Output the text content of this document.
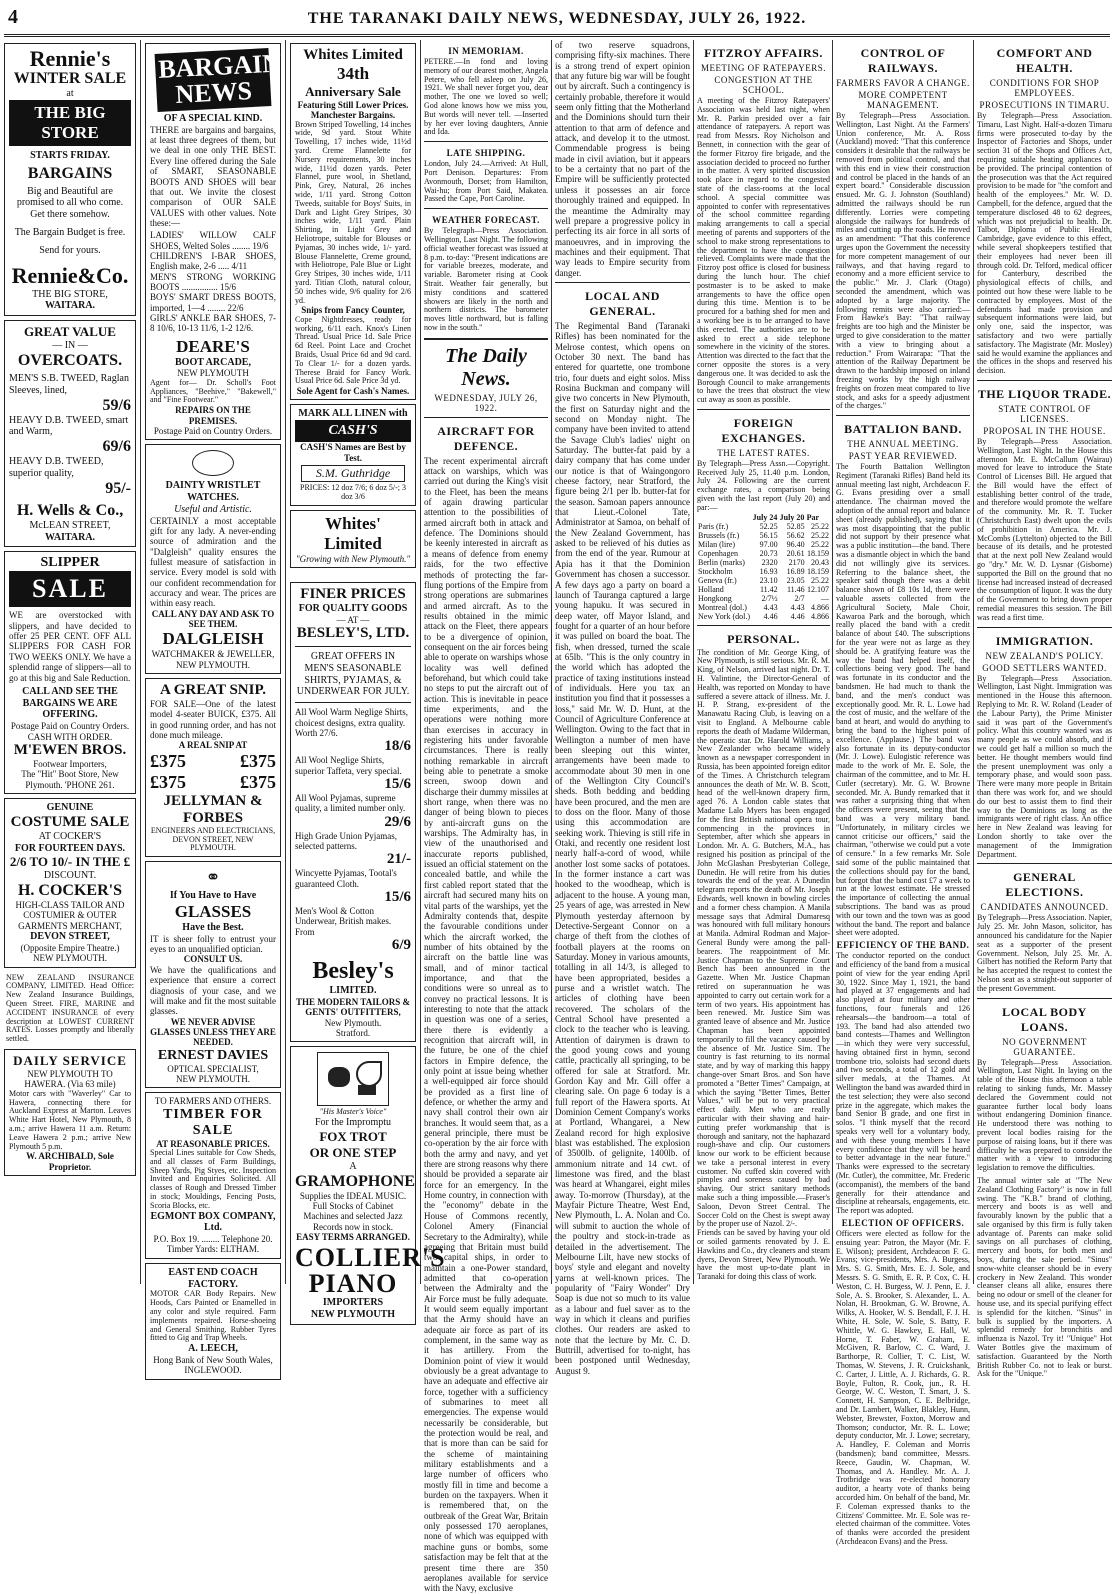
4	THE TARANAKI DAILY NEWS, WEDNESDAY, JULY 26, 1922.
Rennie's
WINTER SALE
at
THE BIG STORE
STARTS FRIDAY.
BARGAINS
Big and Beautiful are promised to all who come. Get there somehow.
The Bargain Budget is free.
Send for yours.
Rennie&Co.
THE BIG STORE,
WAITARA.
GREAT VALUE
— IN —
OVERCOATS.
MEN'S S.B. TWEED, Raglan Sleeves, lined,
59/6
HEAVY D.B. TWEED, smart and Warm,
69/6
HEAVY D.B. TWEED, superior quality,
95/-
H. Wells & Co.,
McLEAN STREET,
WAITARA.
SLIPPER
SALE
WE are overstocked with slippers, and have decided to offer 25 PER CENT. OFF ALL SLIPPERS FOR CASH FOR TWO WEEKS ONLY. We have a splendid range of slippers—all to go at this big and Sale Reduction.
CALL AND SEE THE BARGAINS WE ARE OFFERING.
Postage Paid on Country Orders.
CASH WITH ORDER.
M'EWEN BROS.
Footwear Importers,
The "Hit" Boot Store, New Plymouth. 'PHONE 261.
GENUINE
COSTUME SALE
AT COCKER'S
FOR FOURTEEN DAYS.
2/6 TO 10/- IN THE £
DISCOUNT.
H. COCKER'S
HIGH-CLASS TAILOR AND COSTUMIER & OUTER GARMENTS MERCHANT,
DEVON STREET,
(Opposite Empire Theatre.)
NEW PLYMOUTH.
NEW ZEALAND INSURANCE COMPANY, LIMITED. Head Office: New Zealand Insurance Buildings, Queen Street. FIRE, MARINE and ACCIDENT INSURANCE of every description at LOWEST CURRENT RATES. Losses promptly and liberally settled.
DAILY SERVICE
NEW PLYMOUTH TO HAWERA. (Via 63 mile)
Motor cars with "Waverley" Car to Hawera, connecting there for Auckland Express at Marton. Leaves White Hart Hotel, New Plymouth, 8 a.m.; arrive Hawera 11 a.m. Return: Leave Hawera 2 p.m.; arrive New Plymouth 5 p.m.
W. ARCHIBALD, Sole Proprietor.
BARGAIN NEWS
OF A SPECIAL KIND.
THERE are bargains and bargains, at least three degrees of them, but we deal in one only THE BEST. Every line offered during the Sale of SMART, SEASONABLE BOOTS AND SHOES will bear that out. We invite the closest comparison of OUR SALE VALUES with other values. Note these:—
LADIES' WILLOW CALF SHOES, Welted Soles ........ 19/6
CHILDREN'S I-BAR SHOES, English make, 2-6 ..... 4/11
MEN'S STRONG WORKING BOOTS ................ 15/6
BOYS' SMART DRESS BOOTS, imported, 1—4 ........ 22/6
GIRLS' ANKLE BAR SHOES, 7-8 10/6, 10-13 11/6, 1-2 12/6.
DEARE'S
BOOT ARCADE,
NEW PLYMOUTH
Agent for— Dr. Scholl's Foot Appliances, "Beehive," "Bakewell," and "Fine Footwear."
REPAIRS ON THE PREMISES.
Postage Paid on Country Orders.
DAINTY WRISTLET WATCHES.
Useful and Artistic.
CERTAINLY a most acceptable gift for any lady. A never-ending source of admiration and the "Dalgleish" quality ensures the fullest measure of satisfaction in service. Every model is sold with our confident recommendation for accuracy and wear. The prices are within easy reach.
CALL ANY DAY AND ASK TO SEE THEM.
DALGLEISH
WATCHMAKER & JEWELLER, NEW PLYMOUTH.
A GREAT SNIP.
FOR SALE—One of the latest model 4-seater BUICK, £375. All in good running order, and has not done much mileage.
A REAL SNIP AT
£375	£375
£375	£375
JELLYMAN & FORBES
ENGINEERS AND ELECTRICIANS, DEVON STREET, NEW PLYMOUTH.
⚭
If You Have to Have
GLASSES
Have the Best.
IT is sheer folly to entrust your eyes to an unqualified optician.
CONSULT US.
We have the qualifications and experience that ensure a correct diagnosis of your case, and we will make and fit the most suitable glasses.
WE NEVER ADVISE GLASSES UNLESS THEY ARE NEEDED.
ERNEST DAVIES
OPTICAL SPECIALIST,
NEW PLYMOUTH.
TO FARMERS AND OTHERS.
TIMBER FOR SALE
AT REASONABLE PRICES.
Special Lines suitable for Cow Sheds, and all classes of Farm Buildings, Sheep Yards, Pig Styes, etc. Inspection Invited and Enquiries Solicited. All classes of Rough and Dressed Timber in stock; Mouldings, Fencing Posts, Scoria Blocks, etc.
EGMONT BOX COMPANY, Ltd.
P.O. Box 19. ........ Telephone 20.
Timber Yards: ELTHAM.
EAST END COACH FACTORY.
MOTOR CAR Body Repairs. New Hoods, Cars Painted or Enamelled in any color and style required. Farm implements repaired. Horse-shoeing and General Smithing. Rubber Tyres fitted to Gig and Trap Wheels.
A. LEECH,
Hong Bank of New South Wales, INGLEWOOD.
Whites Limited
34th
Anniversary Sale
Featuring Still Lower Prices. Manchester Bargains.
Brown Striped Towelling, 14 inches wide, 9d yard. Stout White Towelling, 17 inches wide, 11½d yard. Creme Flannelette for Nursery requirements, 30 inches wide, 11½d dozen yards. Peter Flannel, pure wool, in Shetland, Pink, Grey, Natural, 26 inches wide, 1/11 yard. Strong Cotton Tweeds, suitable for Boys' Suits, in Dark and Light Grey Stripes, 30 inches wide, 1/11 yard. Plain Shirting, in Light Grey and Heliotrope, suitable for Blouses or Pyjamas, 30 inches wide, 1/- yard. Blouse Flannelette, Creme ground, with Heliotrope, Pale Blue or Light Grey Stripes, 30 inches wide, 1/11 yard. Titian Cloth, natural colour, 50 inches wide, 9/6 quality for 2/6 yd.
Snips from Fancy Counter,
Cope Nightdresses, ready for working, 6/11 each. Knox's Linen Thread. Usual Price 1d. Sale Price 6d Reel. Point Lace and Crochet Braids, Usual Price 6d and 9d card. To Clear 1/- for a dozen yards. Therese Braid for Fancy Work. Usual Price 6d. Sale Price 3d yd.
Sole Agent for Cash's Names.
MARK ALL LINEN with
CASH'S
CASH'S Names are Best by Test.
S.M. Guthridge
PRICES: 12 doz 7/6; 6 doz 5/-; 3 doz 3/6
Whites' Limited
"Growing with New Plymouth."
FINER PRICES
FOR QUALITY GOODS
— AT —
BESLEY'S, LTD.
GREAT OFFERS IN MEN'S SEASONABLE SHIRTS, PYJAMAS, & UNDERWEAR FOR JULY.
All Wool Warm Neglige Shirts, choicest designs, extra quality. Worth 27/6.
18/6
All Wool Neglige Shirts, superior Taffeta, very special.
15/6
All Wool Pyjamas, supreme quality, a limited number only.
29/6
High Grade Union Pyjamas, selected patterns.
21/-
Wincyette Pyjamas, Tootal's guaranteed Cloth.
15/6
Men's Wool & Cotton Underwear, British makes. From
6/9
Besley's
LIMITED.
THE MODERN TAILORS & GENTS' OUTFITTERS,
New Plymouth.
Stratford.
"His Master's Voice"
For the Impromptu
FOX TROT
OR ONE STEP
A
GRAMOPHONE
Supplies the IDEAL MUSIC.
Full Stocks of Cabinet Machines and selected Jazz Records now in stock.
EASY TERMS ARRANGED.
COLLIER'S
PIANO
IMPORTERS
NEW PLYMOUTH
IN MEMORIAM.
PETERE.—In fond and loving memory of our dearest mother, Angela Petere, who fell asleep on July 26, 1921. We shall never forget you, dear mother, The one we loved so well; God alone knows how we miss you, But words will never tell. —Inserted by her ever loving daughters, Annie and Ida.
LATE SHIPPING.
London, July 24.—Arrived: At Hull, Port Denison. Departures: From Avonmouth, Dorset; from Hamilton, Wai-hu; from Port Said, Makatea. Passed the Cape, Port Caroline.
WEATHER FORECAST.
By Telegraph—Press Association. Wellington, Last Night. The following official weather forecast was issued at 8 p.m. to-day: "Present indications are for variable breezes, moderate, and variable. Barometer rising at Cook Strait. Weather fair generally, but misty conditions and scattered showers are likely in the north and northern districts. The barometer moves little northward, but is falling now in the south."
The Daily News.
WEDNESDAY, JULY 26, 1922.
AIRCRAFT FOR DEFENCE.
The recent experimental aircraft attack on warships, which was carried out during the King's visit to the Fleet, has been the means of again drawing particular attention to the possibilities of armed aircraft both in attack and defence. The Dominions should be keenly interested in aircraft as a means of defence from enemy raids, for the two effective methods of protecting the far-flung portions of the Empire from strong operations are submarines and armed aircraft. As to the results obtained in the mimic attack on the Fleet, there appears to be a divergence of opinion, consequent on the air forces being able to operate on warships whose locality was well defined beforehand, but which could take no steps to put the aircraft out of action. This is inevitable in peace time experiments, and the operations were nothing more than exercises in accuracy in registering hits under favorable circumstances. There is really nothing remarkable in aircraft being able to penetrate a smoke screen, swoop down and discharge their dummy missiles at short range, when there was no danger of being blown to pieces by anti-aircraft guns on the warships. The Admiralty has, in view of the unauthorised and inaccurate reports published, issued an official statement on the concealed battle, and while the first cabled report stated that the aircraft had secured many hits on vital parts of the warships, yet the Admiralty contends that, despite the favourable conditions under which the aircraft worked, the number of hits obtained by the aircraft on the battle line was small, and of minor tactical importance, and that the conditions were so unreal as to convey no practical lessons. It is interesting to note that the attack in question was one of a series, there there is evidently a recognition that aircraft will, in the future, be one of the chief factors in Empire defence, the only point at issue being whether a well-equipped air force should be provided as a first line of defence, or whether the army and navy shall control their own air branches. It would seem that, as a general principle, there must be co-operation by the air force with both the army and navy, and yet there are strong reasons why there should be provided a separate air force for an emergency. In the Home country, in connection with the "economy" debate in the House of Commons recently, Colonel Amery (Financial Secretary to the Admiralty), while agreeing that Britain must build two capital ships, in order to maintain a one-Power standard, admitted that co-operation between the Admiralty and the Air Force must be fully adequate. It would seem equally important that the Army should have an adequate air force as part of its complement, in the same way as it has artillery. From the Dominion point of view it would obviously be a great advantage to have an adequate and effective air force, together with a sufficiency of submarines to meet all emergencies. The expense would necessarily be considerable, but the protection would be real, and that is more than can be said for the scheme of maintaining military establishments and a large number of officers who mostly fill in time and become a burden on the taxpayers. When it is remembered that, on the outbreak of the Great War, Britain only possessed 170 aeroplanes, none of which was equipped with machine guns or bombs, some satisfaction may be felt that at the present time there are 350 aeroplanes available for service with the Navy, exclusive
of two reserve squadrons, comprising fifty-six machines. There is a strong trend of expert opinion that any future big war will be fought out by aircraft. Such a contingency is certainly probable, therefore it would seem only fitting that the Motherland and the Dominions should turn their attention to that arm of defence and attack, and develop it to the utmost. Commendable progress is being made in civil aviation, but it appears to be a certainty that no part of the Empire will be sufficiently protected unless it possesses an air force thoroughly trained and equipped. In the meantime the Admiralty may well prepare a progressive policy in perfecting its air force in all sorts of manoeuvres, and in improving the machines and their equipment. That way leads to Empire security from danger.
LOCAL AND GENERAL.
The Regimental Band (Taranaki Rifles) has been nominated for the Melrose contest, which opens on October 30 next. The band has entered for quartette, one trombone trio, four duets and eight solos. Miss Rosina Buckman and company will give two concerts in New Plymouth, the first on Saturday night and the second on Monday night. The company have been invited to attend the Savage Club's ladies' night on Saturday. The butter-fat paid by a dairy company that has come under our notice is that of Waingongoro cheese factory, near Stratford, the figure being 2/1 per lb. butter-fat for the season. Samoan papers announce that Lieut.-Colonel Tate, Administrator at Samoa, on behalf of the New Zealand Government, has asked to be relieved of his duties as from the end of the year. Rumour at Apia has it that the Dominion Government has chosen a successor. A few days ago a party on board a launch of Tauranga captured a large young hapuku. It was secured in deep water, off Mayor Island, and fought for a quarter of an hour before it was pulled on board the boat. The fish, when dressed, turned the scale at 65lb. "This is the only country in the world which has adopted the practice of taxing institutions instead of individuals. Here you tax an institution you find that it possesses a loss," said Mr. W. D. Hunt, at the Council of Agriculture Conference at Wellington. Owing to the fact that in Wellington a number of men have been sleeping out this winter, arrangements have been made to accommodate about 30 men in one of the Wellington City Council's sheds. Both bedding and bedding have been procured, and the men are to doss on the floor. Many of those using this accommodation are seeking work. Thieving is still rife in Otaki, and recently one resident lost nearly half-a-cord of wood, while another lost some sacks of potatoes. In the former instance a cart was hooked to the woodheap, which is adjacent to the house. A young man, 25 years of age, was arrested in New Plymouth yesterday afternoon by Detective-Sergeant Connor on a charge of theft from the clothes of football players at the rooms on Saturday. Money in various amounts, totalling in all 14/3, is alleged to have been appropriated, besides a purse and a wristlet watch. The articles of clothing have been recovered. The scholars of the Central School have presented a clock to the teacher who is leaving. Attention of dairymen is drawn to the good young cows and young cattle, practically all springing, to be offered for sale at Stratford. Mr. Gordon Kay and Mr. Gill offer a clearing sale. On page 6 today is a full report of the Hawera sports. At Dominion Cement Company's works at Portland, Whangarei, a New Zealand record for high explosive blast was established. The explosion of 3500lb. of gelignite, 1400lb. of ammonium nitrate and 14 cwt. of limestone was fired, and the blast was heard at Whangarei, eight miles away. To-morrow (Thursday), at the Mayfair Picture Theatre, West End, New Plymouth, L. A. Nolan and Co. will submit to auction the whole of the poultry and stock-in-trade as detailed in the advertisement. The Melbourne Lilt, have new stocks of boys' style and elegant and novelty yarns at well-known prices. The popularity of "Fairy Wonder" Dry Soap is due not so much to its value as a labour and fuel saver as to the way in which it cleans and purifies clothes. Our readers are asked to note that the lecture by Mr. C. D. Buttrill, advertised for to-night, has been postponed until Wednesday, August 9.
FITZROY AFFAIRS.
MEETING OF RATEPAYERS.
CONGESTION AT THE SCHOOL.
A meeting of the Fitzroy Ratepayers' Association was held last night, when Mr. R. Parkin presided over a fair attendance of ratepayers. A report was read from Messrs. Roy Nicholson and Bennett, in connection with the gear of the former Fitzroy fire brigade, and the association decided to proceed no further in the matter. A very spirited discussion took place in regard to the congested state of the class-rooms at the local school. A special committee was appointed to confer with representatives of the school committee regarding making arrangements to call a special meeting of parents and supporters of the school to make strong representations to the department to have the congestion relieved. Complaints were made that the Fitzroy post office is closed for business during the lunch hour. The chief postmaster is to be asked to make arrangements to have the office open during this time. Mention is to be procured for a bathing shed for men and a working bee is to be arranged to have this erected. The authorities are to be asked to erect a side telephone somewhere in the vicinity of the stores. Attention was directed to the fact that the corner opposite the stores is a very dangerous one. It was decided to ask the Borough Council to make arrangements to have the trees that obstruct the view cut away as soon as possible.
FOREIGN EXCHANGES.
THE LATEST RATES.
By Telegraph—Press Assn.—Copyright. Received July 25, 11.40 p.m. London, July 24. Following are the current exchange rates, a comparison being given with the last report (July 20) and par:—
	July 24	July 20	Par
Paris (fr.)	52.25	52.85	25.22
Brussels (fr.)	56.15	56.62	25.22
Milan (lire)	97.00	96.40	25.22
Copenhagen	20.73	20.61	18.159
Berlin (marks)	2320	2170	20.43
Stockholm	16.93	16.89	18.159
Geneva (fr.)	23.10	23.05	25.22
Holland	11.42	11.46	12.107
Hongkong	2/7½	2/7	—
Montreal (dol.)	4.43	4.43	4.866
New York (dol.)	4.46	4.46	4.866
PERSONAL.
The condition of Mr. George King, of New Plymouth, is still serious. Mr. R. M. King, of Nelson, arrived last night. Dr. T. H. Valintine, the Director-General of Health, was reported on Monday to have suffered a severe attack of illness. Mr. J. H. P. Strang, ex-president of the Manawatu Racing Club, is leaving on a visit to England. A Melbourne cable reports the death of Madame Wilderman, the operatic star. Dr. Harold Williams, a New Zealander who became widely known as a newspaper correspondent in Russia, has been appointed foreign editor of the Times. A Christchurch telegram announces the death of Mr. W. B. Scott, head of the well-known drapery firm, aged 76. A London cable states that Madame Lalo Myers has been engaged for the first British national opera tour, commencing in the provinces in September, after which she appears in London. Mr. A. G. Butchers, M.A., has resigned his position as principal of the John McGlashan Presbyterian College, Dunedin. He will retire from his duties towards the end of the year. A Dunedin telegram reports the death of Mr. Joseph Edwards, well known in bowling circles and a former chess champion. A Manila message says that Admiral Dumaresq was honoured with full military honours at Manila. Admiral Rodman and Major-General Bundy were among the pall-bearers. The reappointment of Mr. Justice Chapman to the Supreme Court Bench has been announced in the Gazette. When Mr. Justice Chapman retired on superannuation he was appointed to carry out certain work for a term of two years. His appointment has been renewed. Mr. Justice Sim was granted leave of absence and Mr. Justice Chapman has been appointed temporarily to fill the vacancy caused by the absence of Mr. Justice Sim. The country is fast returning to its normal state, and by way of marking this happy change-over Smart Bros. and Son have promoted a "Better Times" Campaign, at which the saying "Better Times, Better Values," will be put to very practical effect daily. Men who are really particular with their shaving and hair-cutting prefer workmanship that is thorough and sanitary, not the haphazard rough-shave and clip. Our customers know our work to be efficient because we take a personal interest in every customer. No cuffed skin covered with pimples and soreness caused by bad shaving. Our strict sanitary methods make such a thing impossible.—Fraser's Saloon, Devon Street Central. The Soccer Cold on the Chest is swept away by the proper use of Nazol. 2/-.
Friends can be saved by having your old or soiled garments renovated by J. E. Hawkins and Co., dry cleaners and steam dyers, Devon Street, New Plymouth. We have the most up-to-date plant in Taranaki for doing this class of work.
CONTROL OF RAILWAYS.
FARMERS FAVOR A CHANGE.
MORE COMPETENT MANAGEMENT.
By Telegraph—Press Association. Wellington, Last Night. At the Farmers' Union conference, Mr. A. Ross (Auckland) moved: "That this conference considers it desirable that the railways be removed from political control, and that with this end in view their construction and control be placed in the hands of an expert board." Considerable discussion ensued. Mr. G. J. Johnston (Southland) admitted the railways should be run differently. Lorries were competing alongside the railways for hundreds of miles and cutting up the roads. He moved as an amendment: "That this conference urges upon the Government the necessity for more competent management of our railways, and that having regard to economy and a more efficient service to the public." Mr. J. Clark (Otago) seconded the amendment, which was adopted by a large majority. The following remits were also carried:— From Hawke's Bay: "That railway freights are too high and the Minister be urged to give consideration to the matter with a view to bringing about a reduction." From Wairarapa: "That the attention of the Railway Department be drawn to the hardship imposed on inland freezing works by the high railway freights on frozen meat compared to live stock, and asks for a speedy adjustment of the charges."
BATTALION BAND.
THE ANNUAL MEETING.
PAST YEAR REVIEWED.
The Fourth Battalion Wellington Regiment (Taranaki Rifles) Band held its annual meeting last night, Archdeacon F. G. Evans presiding over a small attendance. The chairman moved the adoption of the annual report and balance sheet (already published), saying that it was most disappointing that the public did not support by their presence what was a public institution—the band. There was a dismantle object in which the band did not willingly give its services. Referring to the balance sheet, the speaker said though there was a debit balance shown of £8 10s 1d, there were valuable assets collected from the Agricultural Society, Male Choir, Kawaroa Park and the borough, which really placed the band with a credit balance of about £40. The subscriptions for the year were not as large as they should be. A gratifying feature was the way the band had helped itself, the collections being very good. The band was fortunate in its conductor and the bandsmen. He had much to thank the band, and the men's conduct was exceptionally good. Mr. R. L. Lowe had the cost of music, and the welfare of the band at heart, and would do anything to bring the band to the highest point of excellence. (Applause.) The band was also fortunate in its deputy-conductor (Mr. J. Lowe). Eulogistic reference was made to the work of Mr. E. Sole, the chairman of the committee, and to Mr. H. Cutler (secretary). Mr. G. W. Browne seconded. Mr. A. Bundy remarked that it was rather a surprising thing that when the officers were present, seeing that the band was a very military band. "Unfortunately, in military circles we cannot criticise our officers," said the chairman, "otherwise we could put a vote of censure." In a few remarks Mr. Sole said some of the public maintained that the collections should pay for the band, but forgot that the band cost £7 a week to run at the lowest estimate. He stressed the importance of collecting the annual subscriptions. The band was as proud with our town and the town was as good without the band. The report and balance sheet were adopted.
EFFICIENCY OF THE BAND.
The conductor reported on the conduct and efficiency of the band from a musical point of view for the year ending April 30, 1922. Since May 1, 1921, the band had played at 37 engagements and had also played at four military and other functions, four funerals and 126 rehearsals—the bandroom—a total of 193. The band had also attended two band contests—Thames and Wellington—in which they were very successful, having obtained first in hymn, second trombone trio, soloists had second duets and two seconds, a total of 12 gold and silver medals, at the Thames. At Wellington the band was awarded third in the test selection; they were also second prize in the aggregate, which makes the band Senior B grade, and one first in solos. "I think myself that the record speaks very well for a voluntary body, and with these young members I have every confidence that they will be heard to better advantage in the near future." Thanks were expressed to the secretary (Mr. Cutler), the committee, Mr. Frederic (accompanist), the members of the band generally for their attendance and discipline at rehearsals, engagements, etc. The report was adopted.
ELECTION OF OFFICERS.
Officers were elected as follow for the ensuing year: Patron, the Mayor (Mr. F. E. Wilson); president, Archdeacon F. G. Evans; vice-presidents, Mrs. A. Burgess, Mrs. S. G. Smith, Mrs. E. J. Sole, and Messrs. S. G. Smith, E. R. P. Cox, C. H. Weston, C. H. Burgess, W. J. Penn, E. J. Sole, A. S. Brooker, S. Alexander, L. A. Nolan, H. Brookman, G. W. Browne, A. Wilks, A. Hooker, W. S. Bendall, F. J. H. White, H. Sole, W. Sole, S. Batty, F. Whittle, W. G. Hawkey, E. Hall, W. Horne, T. Faber, W. Graham, E. McGiven, R. Barlow, C. C. Ward, J. Barthorpe, R. Collier, T. C. List, W. Thomas, W. Stevens, J. R. Cruickshank, C. Carter, J. Little, A. J. Richards, G. R. Boyle, Fulton, R. Cook, jun., R. H. George, W. C. Weston, T. Smart, J. S. Connett, H. Sampson, C. E. Belbridge, and Dr. Lambert, Walker, Blakley, Hunn, Webster, Brewster, Foxton, Morrow and Thomson; conductor, Mr. R. L. Lowe; deputy conductor, Mr. J. Lowe; secretary, A. Handley, F. Coleman and Morris (bandsmen); band committee, Messrs. Reece, Gaudin, W. Chapman, W. Thomas, and A. Handley. Mr. A. J. Trotbridge was re-elected honorary auditor, a hearty vote of thanks being accorded him. On behalf of the band, Mr. F. Coleman expressed thanks to the Citizens' Committee. Mr. E. Sole was re-elected chairman of the committee. Votes of thanks were accorded the president (Archdeacon Evans) and the Press.
COMFORT AND HEALTH.
CONDITIONS FOR SHOP EMPLOYEES.
PROSECUTIONS IN TIMARU.
By Telegraph—Press Association. Timaru, Last Night. Half-a-dozen Timaru firms were prosecuted to-day by the Inspector of Factories and Shops, under section 31 of the Shops and Offices Act, requiring suitable heating appliances to be provided. The principal contention of the prosecution was that the Act required provision to be made for "the comfort and health of the employees." Mr. W. D. Campbell, for the defence, argued that the temperature disclosed 48 to 62 degrees, which was not prejudicial to health. Dr. Talbot, Diploma of Public Health, Cambridge, gave evidence to this effect, while several shopkeepers testified that their employees had never been ill through cold. Dr. Telford, medical officer for Canterbury, described the physiological effects of chills, and pointed out how these were liable to be contracted by employees. Most of the defendants had made provision and subsequent informations were laid, but only one, said the inspector, was satisfactory and two were partially satisfactory. The Magistrate (Mr. Mosley) said he would examine the appliances and the offices in the shops and reserved his decision.
THE LIQUOR TRADE.
STATE CONTROL OF LICENSES.
PROPOSAL IN THE HOUSE.
By Telegraph—Press Association. Wellington, Last Night. In the House this afternoon Mr. E. McCallum (Wairau) moved for leave to introduce the State Control of Licenses Bill. He argued that the Bill would have the effect of establishing better control of the trade, and therefore would promote the welfare of the community. Mr. R. T. Tucker (Christchurch East) dwelt upon the evils of prohibition in America. Mr. J. McCombs (Lyttelton) objected to the Bill because of its details, and he protested that at the next poll New Zealand would go "dry." Mr. W. D. Lysnar (Gisborne) supported the Bill on the ground that no license had increased instead of decreased the consumption of liquor. It was the duty of the Government to bring down proper remedial measures this session. The Bill was read a first time.
IMMIGRATION.
NEW ZEALAND'S POLICY.
GOOD SETTLERS WANTED.
By Telegraph—Press Association. Wellington, Last Night. Immigration was mentioned in the House this afternoon. Replying to Mr. R. W. Roland (Leader of the Labour Party), the Prime Minister said it was part of the Government's policy. What this country wanted was as many people as we could absorb, and if we could get half a million so much the better. He thought members would find the present unemployment was only a temporary phase, and would soon pass. There were many more people in Britain than there was work for, and we should do our best to assist them to find their way to the Dominions as long as the immigrants were of right class. An office here in New Zealand was leaving for London shortly to take over the management of the Immigration Department.
GENERAL ELECTIONS.
CANDIDATES ANNOUNCED.
By Telegraph—Press Association. Napier, July 25. Mr. John Mason, solicitor, has announced his candidature for the Napier seat as a supporter of the present Government. Nelson, July 25. Mr. A. Gilbert has notified the Reform Party that he has accepted the request to contest the Nelson seat as a straight-out supporter of the present Government.
LOCAL BODY LOANS.
NO GOVERNMENT GUARANTEE.
By Telegraph—Press Association. Wellington, Last Night. In laying on the table of the House this afternoon a table relating to sinking funds, Mr. Massey declared the Government could not guarantee further local body loans without endangering Dominion finance. He understood there was nothing to prevent local bodies raising for the purpose of raising loans, but if there was difficulty he was prepared to consider the matter with a view to introducing legislation to remove the difficulties.
The annual winter sale at "The New Zealand Clothing Factory" is now in full swing. The "K.B." brand of clothing, mercery and boots is as well and favourably known by the public that a sale organised by this firm is fully taken advantage of. Parents can make solid savings on all purchases of clothing, mercery and boots, for both men and boys, during the sale period. "Sinus" snow-white cleanser should be in every crockery in New Zealand. This wonder cleanser cleans all alike, ensures there being no odour or smell of the cleaner for house use, and its special purifying effect is splendid for the kitchen. "Sinus" in bulk is supplied by the importers. A splendid remedy for bronchitis and influenza is Nazol. Try it! "Unique" Hot Water Bottles give the maximum of satisfaction. Guaranteed by the North British Rubber Co. not to leak or burst. Ask for the "Unique."
